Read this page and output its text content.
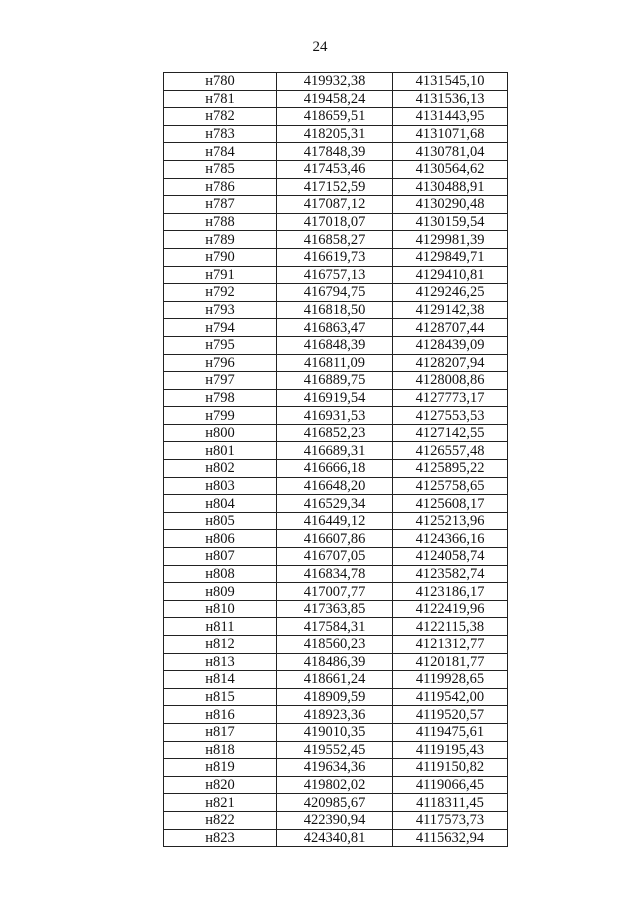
24
н780	419932,38	4131545,10
н781	419458,24	4131536,13
н782	418659,51	4131443,95
н783	418205,31	4131071,68
н784	417848,39	4130781,04
н785	417453,46	4130564,62
н786	417152,59	4130488,91
н787	417087,12	4130290,48
н788	417018,07	4130159,54
н789	416858,27	4129981,39
н790	416619,73	4129849,71
н791	416757,13	4129410,81
н792	416794,75	4129246,25
н793	416818,50	4129142,38
н794	416863,47	4128707,44
н795	416848,39	4128439,09
н796	416811,09	4128207,94
н797	416889,75	4128008,86
н798	416919,54	4127773,17
н799	416931,53	4127553,53
н800	416852,23	4127142,55
н801	416689,31	4126557,48
н802	416666,18	4125895,22
н803	416648,20	4125758,65
н804	416529,34	4125608,17
н805	416449,12	4125213,96
н806	416607,86	4124366,16
н807	416707,05	4124058,74
н808	416834,78	4123582,74
н809	417007,77	4123186,17
н810	417363,85	4122419,96
н811	417584,31	4122115,38
н812	418560,23	4121312,77
н813	418486,39	4120181,77
н814	418661,24	4119928,65
н815	418909,59	4119542,00
н816	418923,36	4119520,57
н817	419010,35	4119475,61
н818	419552,45	4119195,43
н819	419634,36	4119150,82
н820	419802,02	4119066,45
н821	420985,67	4118311,45
н822	422390,94	4117573,73
н823	424340,81	4115632,94
